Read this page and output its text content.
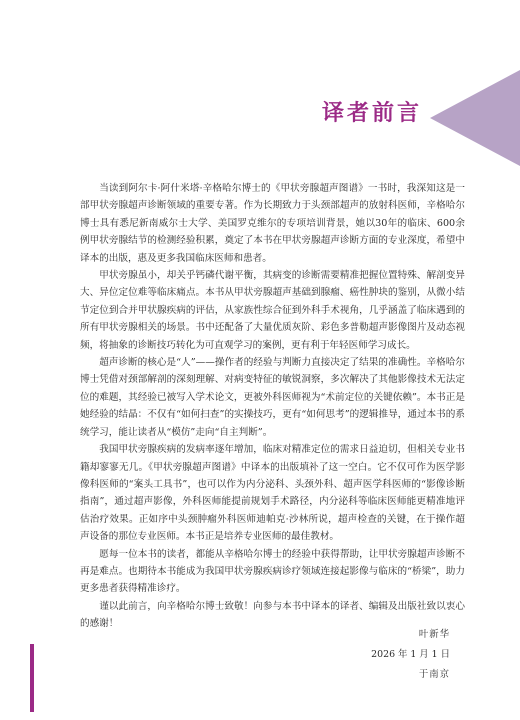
译者前言

当读到阿尔卡·阿什米塔·辛格哈尔博士的《甲状旁腺超声图谱》一书时，我深知这是一部甲状旁腺超声诊断领域的重要专著。作为长期致力于头颈部超声的放射科医师，辛格哈尔博士具有悉尼新南威尔士大学、美国罗克维尔的专项培训背景，她以30年的临床、600余例甲状旁腺结节的检测经验积累，奠定了本书在甲状旁腺超声诊断方面的专业深度，希望中译本的出版，惠及更多我国临床医师和患者。

甲状旁腺虽小，却关乎钙磷代谢平衡，其病变的诊断需要精准把握位置特殊、解剖变异大、异位定位难等临床痛点。本书从甲状旁腺超声基础到腺瘤、癌性肿块的鉴别，从微小结节定位到合并甲状腺疾病的评估，从家族性综合征到外科手术视角，几乎涵盖了临床遇到的所有甲状旁腺相关的场景。书中还配备了大量优质灰阶、彩色多普勒超声影像图片及动态视频，将抽象的诊断技巧转化为可直观学习的案例，更有利于年轻医师学习成长。

超声诊断的核心是“人”——操作者的经验与判断力直接决定了结果的准确性。辛格哈尔博士凭借对颈部解剖的深刻理解、对病变特征的敏锐洞察，多次解决了其他影像技术无法定位的难题，其经验已被写入学术论文，更被外科医师视为“术前定位的关键依赖”。本书正是她经验的结晶：不仅有“如何扫查”的实操技巧，更有“如何思考”的逻辑推导，通过本书的系统学习，能让读者从“模仿”走向“自主判断”。

我国甲状旁腺疾病的发病率逐年增加，临床对精准定位的需求日益迫切，但相关专业书籍却寥寥无几。《甲状旁腺超声图谱》中译本的出版填补了这一空白。它不仅可作为医学影像科医师的“案头工具书”，也可以作为内分泌科、头颈外科、超声医学科医师的“影像诊断指南”，通过超声影像，外科医师能提前规划手术路径，内分泌科等临床医师能更精准地评估治疗效果。正如序中头颈肿瘤外科医师迪帕克·沙林所说，超声检查的关键，在于操作超声设备的那位专业医师。本书正是培养专业医师的最佳教材。

愿每一位本书的读者，都能从辛格哈尔博士的经验中获得帮助，让甲状旁腺超声诊断不再是难点。也期待本书能成为我国甲状旁腺疾病诊疗领域连接起影像与临床的“桥梁”，助力更多患者获得精准诊疗。

谨以此前言，向辛格哈尔博士致敬！向参与本书中译本的译者、编辑及出版社致以衷心的感谢！

叶新华
2026 年 1 月 1 日
于南京
